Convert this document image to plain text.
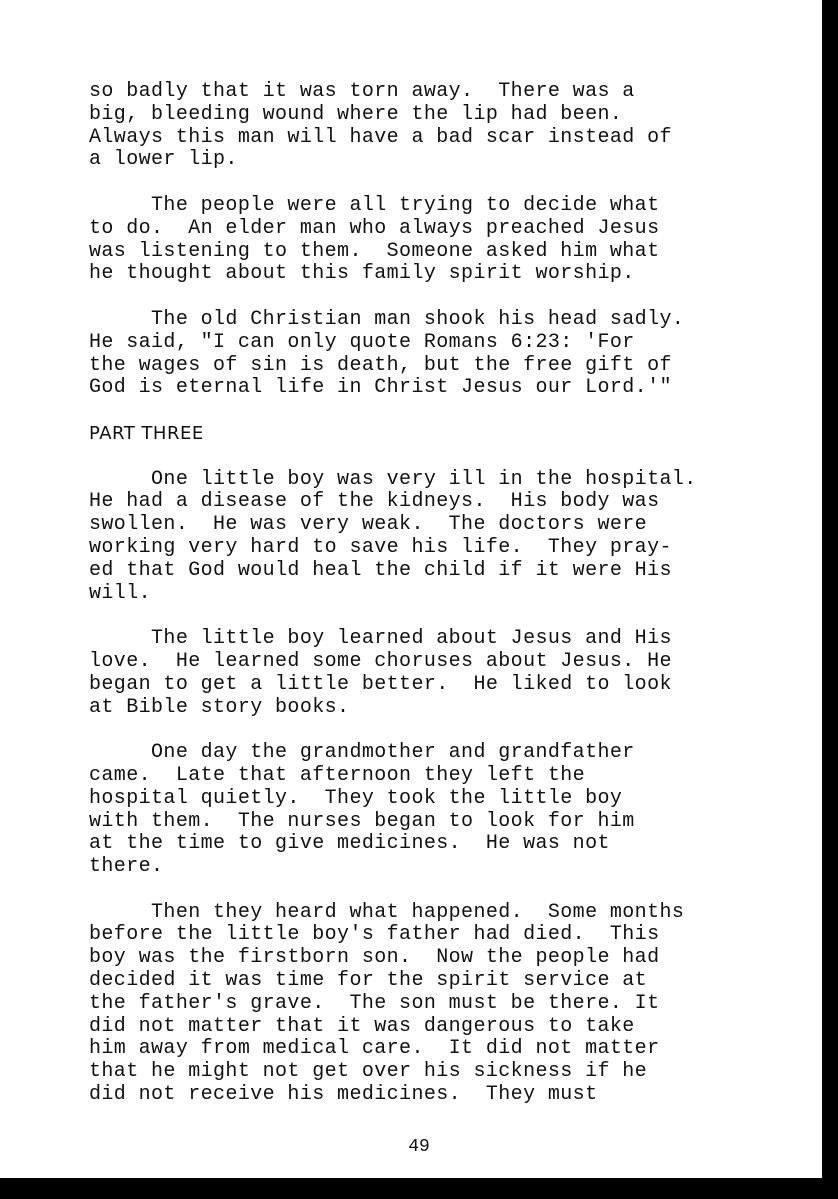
so badly that it was torn away.  There was a
big, bleeding wound where the lip had been.
Always this man will have a bad scar instead of
a lower lip.
The people were all trying to decide what
to do.  An elder man who always preached Jesus
was listening to them.  Someone asked him what
he thought about this family spirit worship.
The old Christian man shook his head sadly.
He said, "I can only quote Romans 6:23: 'For
the wages of sin is death, but the free gift of
God is eternal life in Christ Jesus our Lord.'"
PART THREE
One little boy was very ill in the hospital.
He had a disease of the kidneys.  His body was
swollen.  He was very weak.  The doctors were
working very hard to save his life.  They pray-
ed that God would heal the child if it were His
will.
The little boy learned about Jesus and His
love.  He learned some choruses about Jesus. He
began to get a little better.  He liked to look
at Bible story books.
One day the grandmother and grandfather
came.  Late that afternoon they left the
hospital quietly.  They took the little boy
with them.  The nurses began to look for him
at the time to give medicines.  He was not
there.
Then they heard what happened.  Some months
before the little boy's father had died.  This
boy was the firstborn son.  Now the people had
decided it was time for the spirit service at
the father's grave.  The son must be there. It
did not matter that it was dangerous to take
him away from medical care.  It did not matter
that he might not get over his sickness if he
did not receive his medicines.  They must
49
